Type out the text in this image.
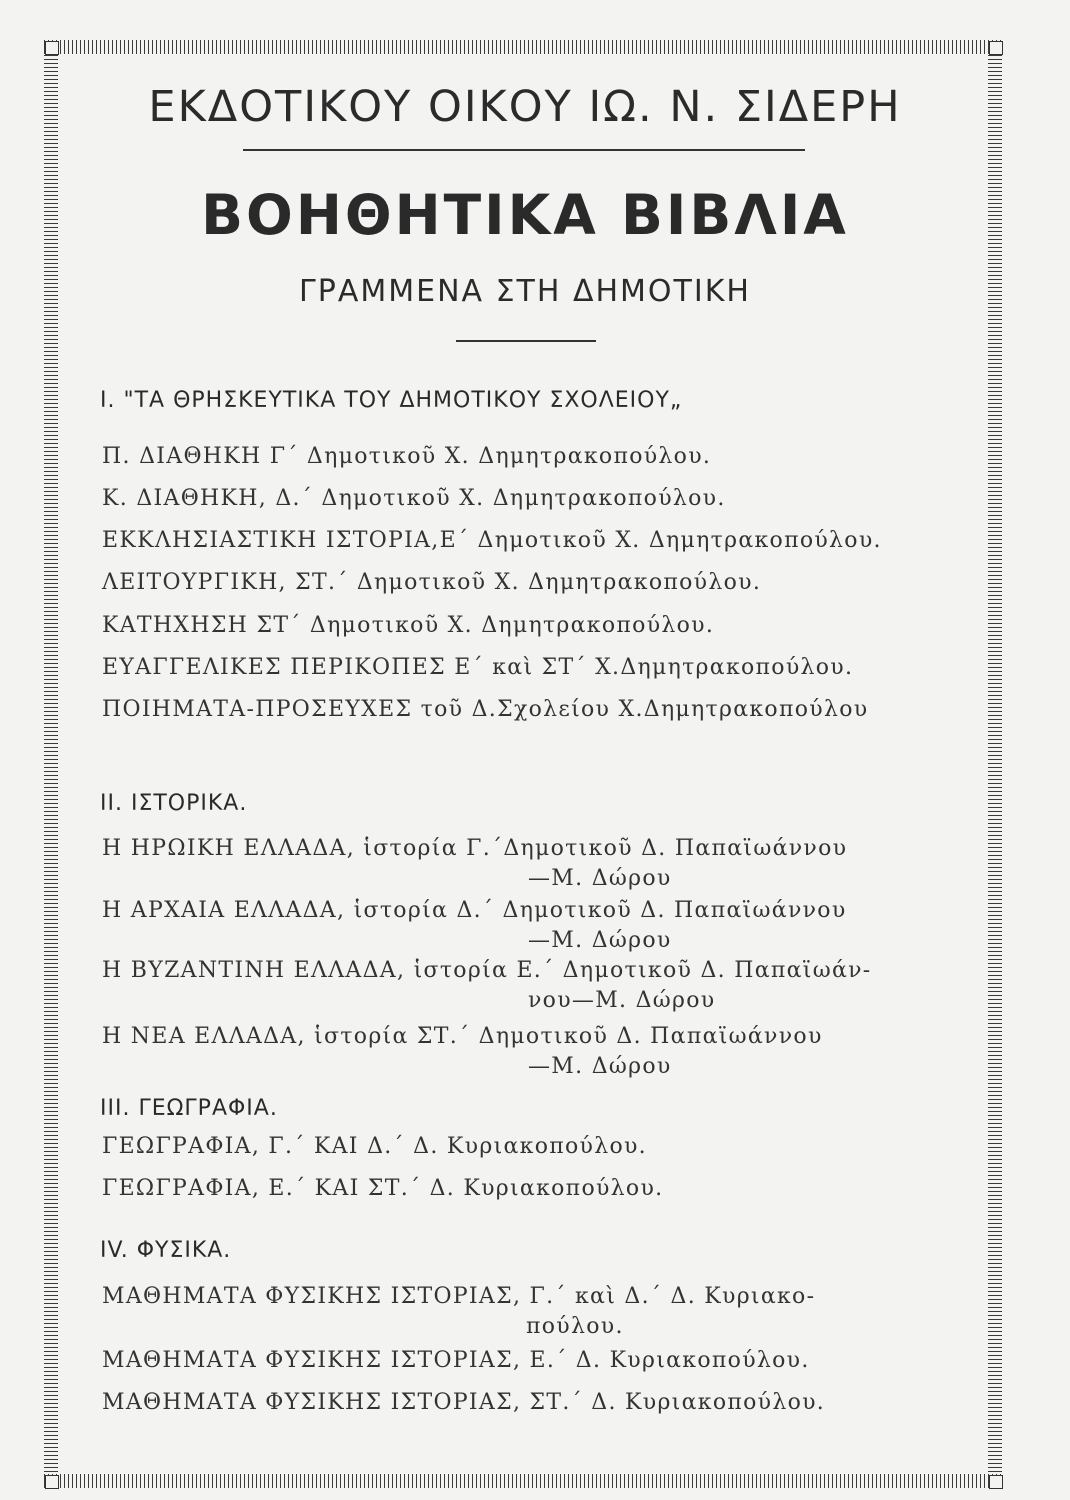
ΕΚΔΟΤΙΚΟΥ ΟΙΚΟΥ ΙΩ. Ν. ΣΙΔΕΡΗ
ΒΟΗΘΗΤΙΚΑ ΒΙΒΛΙΑ
ΓΡΑΜΜΕΝΑ ΣΤΗ ΔΗΜΟΤΙΚΗ
Ι. "ΤΑ ΘΡΗΣΚΕΥΤΙΚΑ ΤΟΥ ΔΗΜΟΤΙΚΟΥ ΣΧΟΛΕΙΟΥ„
Π. ΔΙΑΘΗΚΗ Γ΄ Δημοτικοῦ Χ. Δημητρακοπούλου.
Κ. ΔΙΑΘΗΚΗ, Δ.΄ Δημοτικοῦ Χ. Δημητρακοπούλου.
ΕΚΚΛΗΣΙΑΣΤΙΚΗ ΙΣΤΟΡΙΑ,Ε΄ Δημοτικοῦ Χ. Δημητρακοπούλου.
ΛΕΙΤΟΥΡΓΙΚΗ, ΣΤ.΄ Δημοτικοῦ Χ. Δημητρακοπούλου.
ΚΑΤΗΧΗΣΗ ΣΤ΄ Δημοτικοῦ Χ. Δημητρακοπούλου.
ΕΥΑΓΓΕΛΙΚΕΣ ΠΕΡΙΚΟΠΕΣ Ε΄ καὶ ΣΤ΄ Χ.Δημητρακοπούλου.
ΠΟΙΗΜΑΤΑ-ΠΡΟΣΕΥΧΕΣ τοῦ Δ.Σχολείου Χ.Δημητρακοπούλου
ΙΙ. ΙΣΤΟΡΙΚΑ.
Η ΗΡΩΙΚΗ ΕΛΛΑΔΑ, ἱστορία Γ.΄Δημοτικοῦ Δ. Παπαϊωάννου
—Μ. Δώρου
Η ΑΡΧΑΙΑ ΕΛΛΑΔΑ, ἱστορία Δ.΄ Δημοτικοῦ Δ. Παπαϊωάννου
—Μ. Δώρου
Η ΒΥΖΑΝΤΙΝΗ ΕΛΛΑΔΑ, ἱστορία Ε.΄ Δημοτικοῦ Δ. Παπαϊωάν-
νου—Μ. Δώρου
Η ΝΕΑ ΕΛΛΑΔΑ, ἱστορία ΣΤ.΄ Δημοτικοῦ Δ. Παπαϊωάννου
—Μ. Δώρου
ΙΙΙ. ΓΕΩΓΡΑΦΙΑ.
ΓΕΩΓΡΑΦΙΑ, Γ.΄ ΚΑΙ Δ.΄ Δ. Κυριακοπούλου.
ΓΕΩΓΡΑΦΙΑ, Ε.΄ ΚΑΙ ΣΤ.΄ Δ. Κυριακοπούλου.
ΙV. ΦΥΣΙΚΑ.
ΜΑΘΗΜΑΤΑ ΦΥΣΙΚΗΣ ΙΣΤΟΡΙΑΣ, Γ.΄ καὶ Δ.΄ Δ. Κυριακο-
πούλου.
ΜΑΘΗΜΑΤΑ ΦΥΣΙΚΗΣ ΙΣΤΟΡΙΑΣ, Ε.΄ Δ. Κυριακοπούλου.
ΜΑΘΗΜΑΤΑ ΦΥΣΙΚΗΣ ΙΣΤΟΡΙΑΣ, ΣΤ.΄ Δ. Κυριακοπούλου.
